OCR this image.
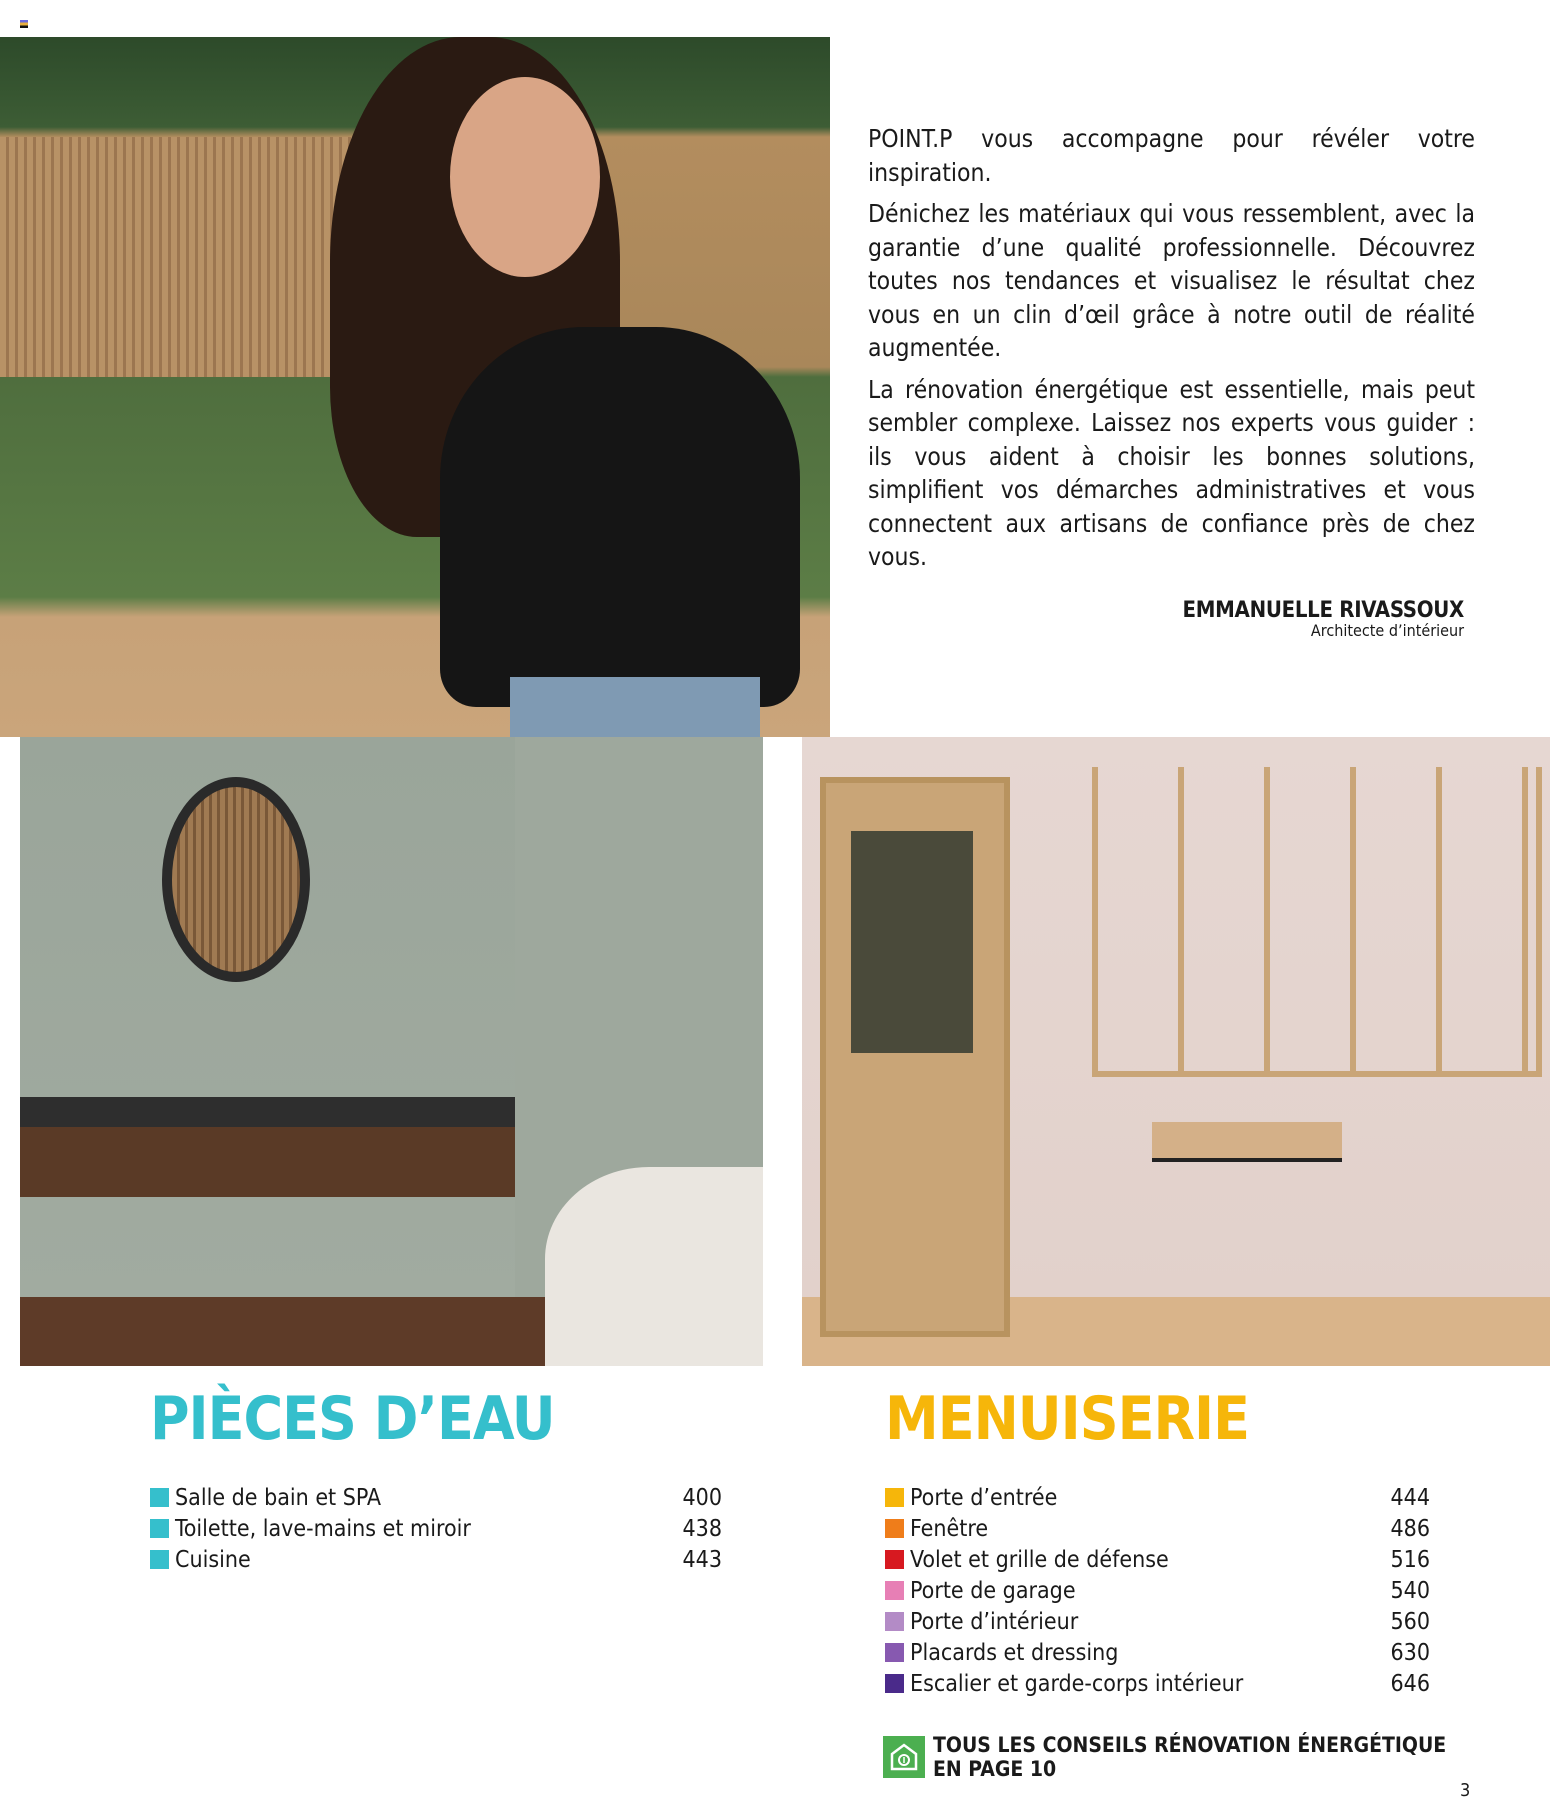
POINT.P vous accompagne pour révéler votre inspiration.

Dénichez les matériaux qui vous ressemblent, avec la garantie d’une qualité professionnelle. Découvrez toutes nos tendances et visualisez le résultat chez vous en un clin d’œil grâce à notre outil de réalité augmentée.

La rénovation énergétique est essentielle, mais peut sembler complexe. Laissez nos experts vous guider : ils vous aident à choisir les bonnes solutions, simplifient vos démarches administratives et vous connectent aux artisans de confiance près de chez vous.

EMMANUELLE RIVASSOUX
Architecte d’intérieur
PIÈCES D’EAU	MENUISERIE
Salle de bain et SPA	400
Toilette, lave-mains et miroir	438
Cuisine	443
Porte d’entrée	444
Fenêtre	486
Volet et grille de défense	516
Porte de garage	540
Porte d’intérieur	560
Placards et dressing	630
Escalier et garde-corps intérieur	646
TOUS LES CONSEILS RÉNOVATION ÉNERGÉTIQUE
EN PAGE 10
3
